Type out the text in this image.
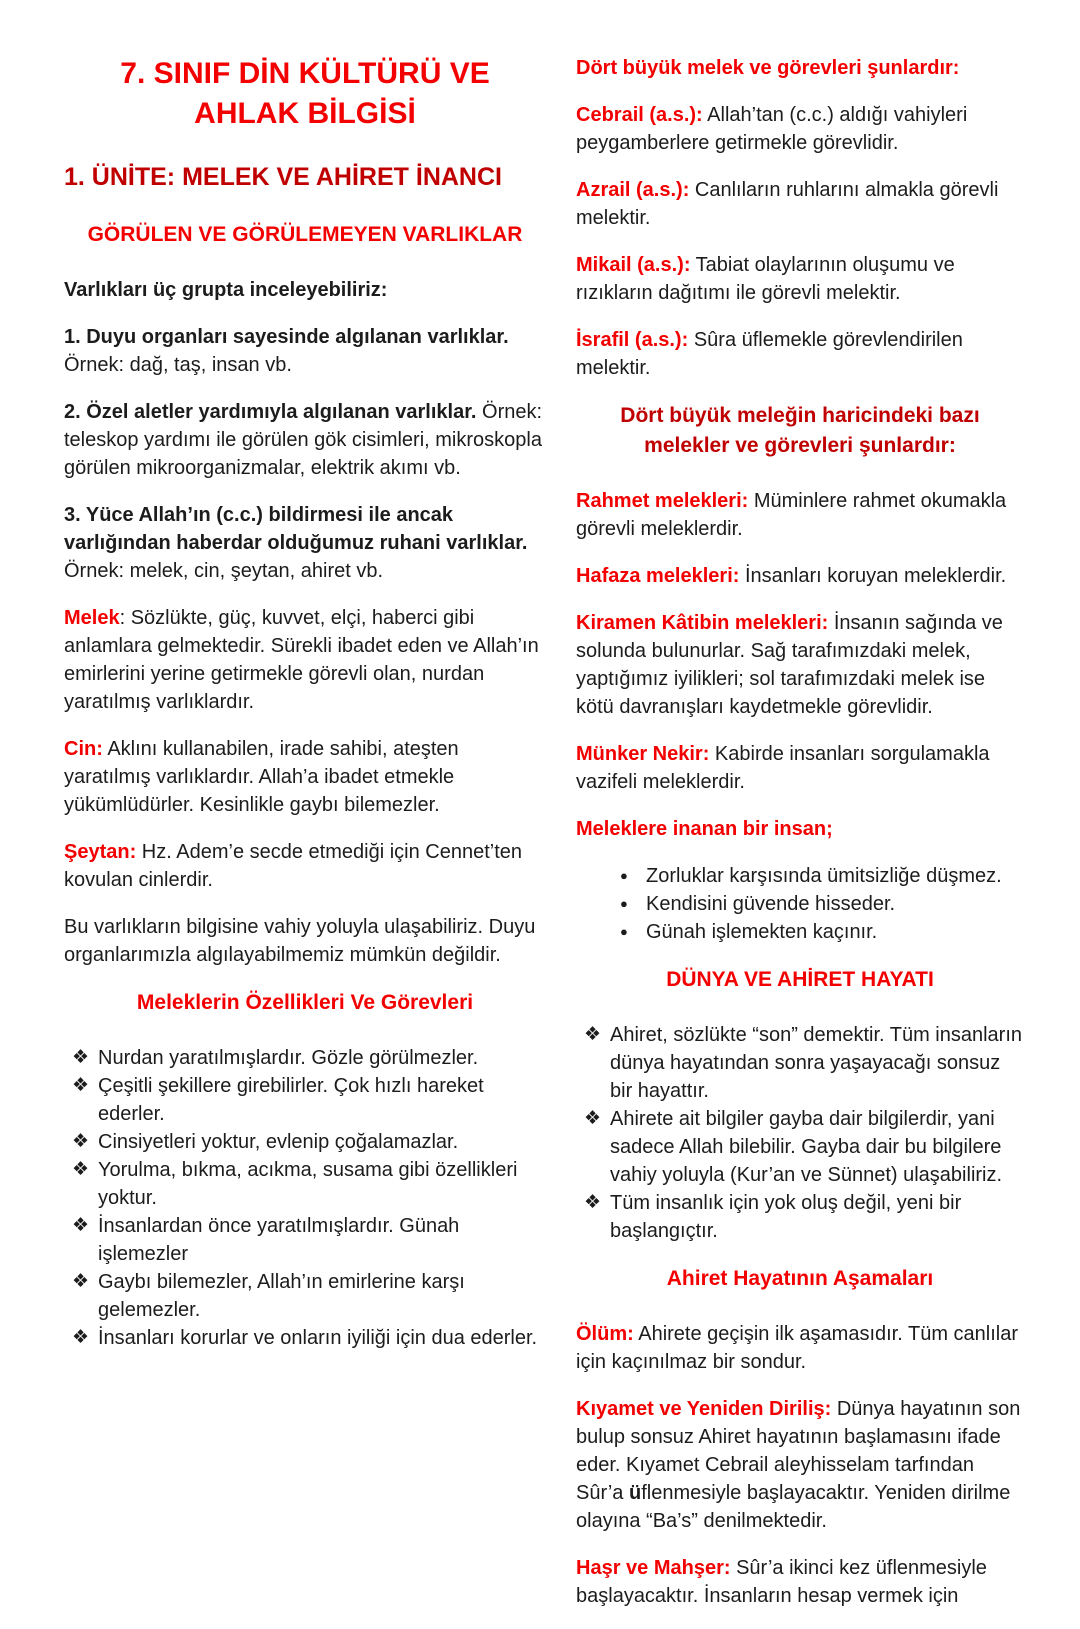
7. SINIF DİN KÜLTÜRÜ VE AHLAK BİLGİSİ
1. ÜNİTE: MELEK VE AHİRET İNANCI
GÖRÜLEN VE GÖRÜLEMEYEN VARLIKLAR

Varlıkları üç grupta inceleyebiliriz:

1. Duyu organları sayesinde algılanan varlıklar. Örnek: dağ, taş, insan vb.

2. Özel aletler yardımıyla algılanan varlıklar. Örnek: teleskop yardımı ile görülen gök cisimleri, mikroskopla görülen mikroorganizmalar, elektrik akımı vb.

3. Yüce Allah’ın (c.c.) bildirmesi ile ancak varlığından haberdar olduğumuz ruhani varlıklar. Örnek: melek, cin, şeytan, ahiret vb.

Melek: Sözlükte, güç, kuvvet, elçi, haberci gibi anlamlara gelmektedir. Sürekli ibadet eden ve Allah’ın emirlerini yerine getirmekle görevli olan, nurdan yaratılmış varlıklardır.

Cin: Aklını kullanabilen, irade sahibi, ateşten yaratılmış varlıklardır. Allah’a ibadet etmekle yükümlüdürler. Kesinlikle gaybı bilemezler.

Şeytan: Hz. Adem’e secde etmediği için Cennet’ten kovulan cinlerdir.

Bu varlıkların bilgisine vahiy yoluyla ulaşabiliriz. Duyu organlarımızla algılayabilmemiz mümkün değildir.

Meleklerin Özellikleri Ve Görevleri
❖ Nurdan yaratılmışlardır. Gözle görülmezler.
❖ Çeşitli şekillere girebilirler. Çok hızlı hareket ederler.
❖ Cinsiyetleri yoktur, evlenip çoğalamazlar.
❖ Yorulma, bıkma, acıkma, susama gibi özellikleri yoktur.
❖ İnsanlardan önce yaratılmışlardır. Günah işlemezler
❖ Gaybı bilemezler, Allah’ın emirlerine karşı gelemezler.
❖ İnsanları korurlar ve onların iyiliği için dua ederler.
Dört büyük melek ve görevleri şunlardır:

Cebrail (a.s.): Allah’tan (c.c.) aldığı vahiyleri peygamberlere getirmekle görevlidir.

Azrail (a.s.): Canlıların ruhlarını almakla görevli melektir.

Mikail (a.s.): Tabiat olaylarının oluşumu ve rızıkların dağıtımı ile görevli melektir.

İsrafil (a.s.): Sûra üflemekle görevlendirilen melektir.

Dört büyük meleğin haricindeki bazı melekler ve görevleri şunlardır:

Rahmet melekleri: Müminlere rahmet okumakla görevli meleklerdir.

Hafaza melekleri: İnsanları koruyan meleklerdir.

Kiramen Kâtibin melekleri: İnsanın sağında ve solunda bulunurlar. Sağ tarafımızdaki melek, yaptığımız iyilikleri; sol tarafımızdaki melek ise kötü davranışları kaydetmekle görevlidir.

Münker Nekir: Kabirde insanları sorgulamakla vazifeli meleklerdir.

Meleklere inanan bir insan;
● Zorluklar karşısında ümitsizliğe düşmez.
● Kendisini güvende hisseder.
● Günah işlemekten kaçınır.
DÜNYA VE AHİRET HAYATI
❖ Ahiret, sözlükte “son” demektir. Tüm insanların dünya hayatından sonra yaşayacağı sonsuz bir hayattır.
❖ Ahirete ait bilgiler gayba dair bilgilerdir, yani sadece Allah bilebilir. Gayba dair bu bilgilere vahiy yoluyla (Kur’an ve Sünnet) ulaşabiliriz.
❖ Tüm insanlık için yok oluş değil, yeni bir başlangıçtır.
Ahiret Hayatının Aşamaları

Ölüm: Ahirete geçişin ilk aşamasıdır. Tüm canlılar için kaçınılmaz bir sondur.

Kıyamet ve Yeniden Diriliş: Dünya hayatının son bulup sonsuz Ahiret hayatının başlamasını ifade eder. Kıyamet Cebrail aleyhisselam tarfından Sûr’a üflenmesiyle başlayacaktır. Yeniden dirilme olayına “Ba’s” denilmektedir.

Haşr ve Mahşer: Sûr’a ikinci kez üflenmesiyle başlayacaktır. İnsanların hesap vermek için
